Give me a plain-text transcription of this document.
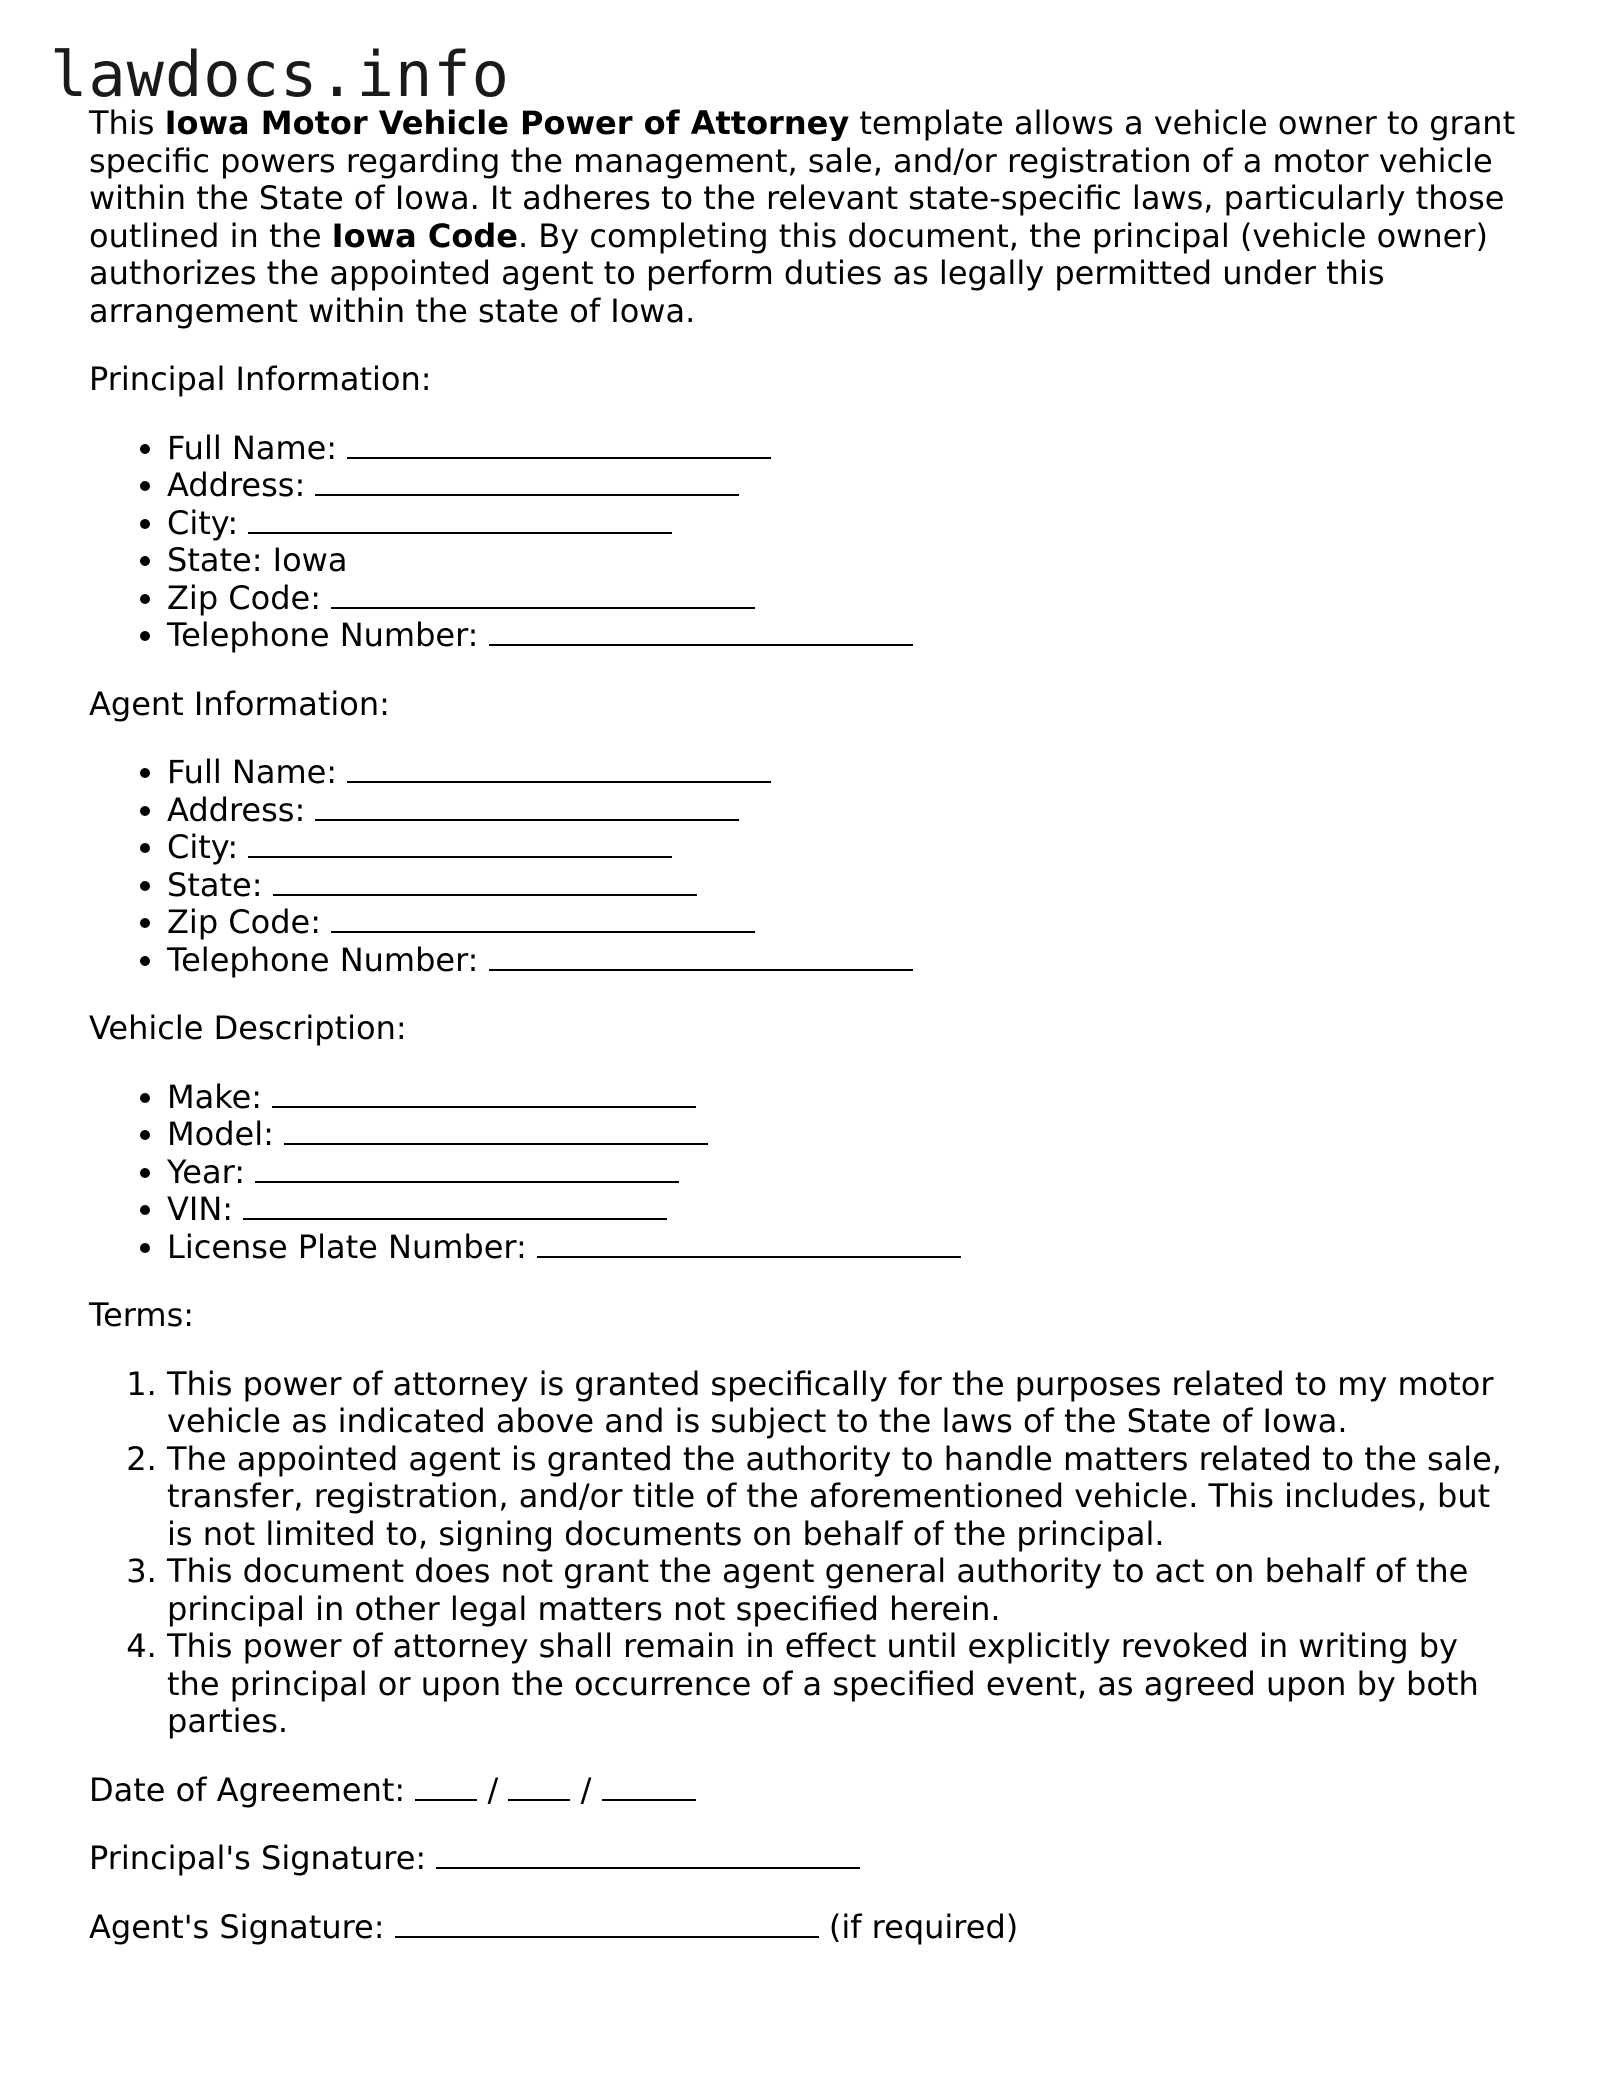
lawdocs.info

This Iowa Motor Vehicle Power of Attorney template allows a vehicle owner to grant specific powers regarding the management, sale, and/or registration of a motor vehicle within the State of Iowa. It adheres to the relevant state-specific laws, particularly those outlined in the Iowa Code. By completing this document, the principal (vehicle owner) authorizes the appointed agent to perform duties as legally permitted under this arrangement within the state of Iowa.

Principal Information:

• Full Name:
• Address:
• City:
• State: Iowa
• Zip Code:
• Telephone Number:

Agent Information:

• Full Name:
• Address:
• City:
• State:
• Zip Code:
• Telephone Number:

Vehicle Description:

• Make:
• Model:
• Year:
• VIN:
• License Plate Number:

Terms:

1. This power of attorney is granted specifically for the purposes related to my motor vehicle as indicated above and is subject to the laws of the State of Iowa.
2. The appointed agent is granted the authority to handle matters related to the sale, transfer, registration, and/or title of the aforementioned vehicle. This includes, but is not limited to, signing documents on behalf of the principal.
3. This document does not grant the agent general authority to act on behalf of the principal in other legal matters not specified herein.
4. This power of attorney shall remain in effect until explicitly revoked in writing by the principal or upon the occurrence of a specified event, as agreed upon by both parties.

Date of Agreement:	/	/

Principal's Signature:

Agent's Signature:	(if required)
